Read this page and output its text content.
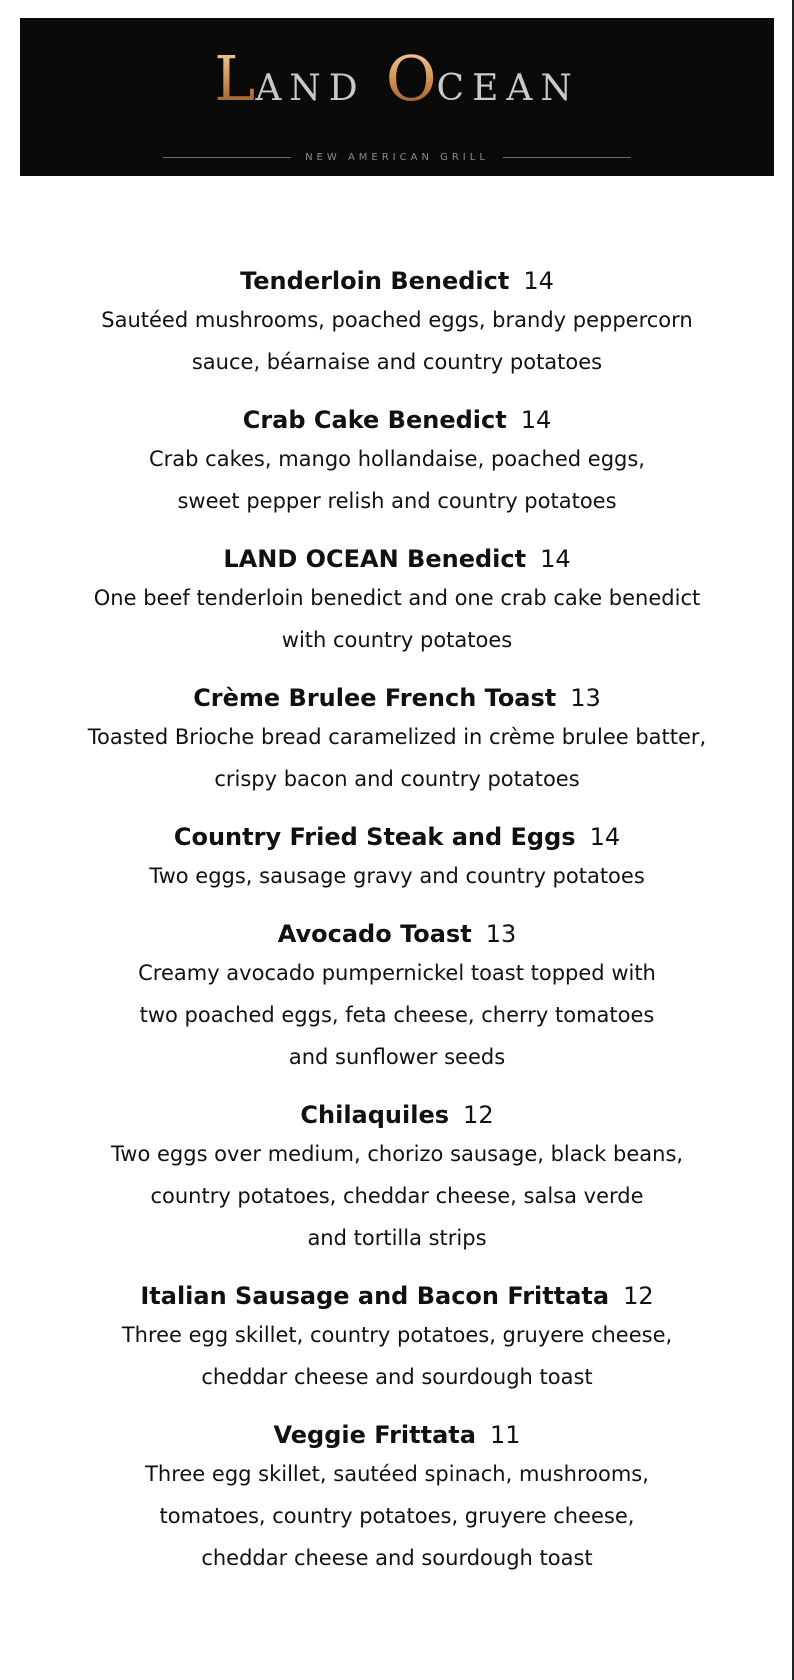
LAND OCEAN
NEW AMERICAN GRILL
Tenderloin Benedict 14
Sautéed mushrooms, poached eggs, brandy peppercorn
sauce, béarnaise and country potatoes
Crab Cake Benedict 14
Crab cakes, mango hollandaise, poached eggs,
sweet pepper relish and country potatoes
LAND OCEAN Benedict 14
One beef tenderloin benedict and one crab cake benedict
with country potatoes
Crème Brulee French Toast 13
Toasted Brioche bread caramelized in crème brulee batter,
crispy bacon and country potatoes
Country Fried Steak and Eggs 14
Two eggs, sausage gravy and country potatoes
Avocado Toast 13
Creamy avocado pumpernickel toast topped with
two poached eggs, feta cheese, cherry tomatoes
and sunflower seeds
Chilaquiles 12
Two eggs over medium, chorizo sausage, black beans,
country potatoes, cheddar cheese, salsa verde
and tortilla strips
Italian Sausage and Bacon Frittata 12
Three egg skillet, country potatoes, gruyere cheese,
cheddar cheese and sourdough toast
Veggie Frittata 11
Three egg skillet, sautéed spinach, mushrooms,
tomatoes, country potatoes, gruyere cheese,
cheddar cheese and sourdough toast
